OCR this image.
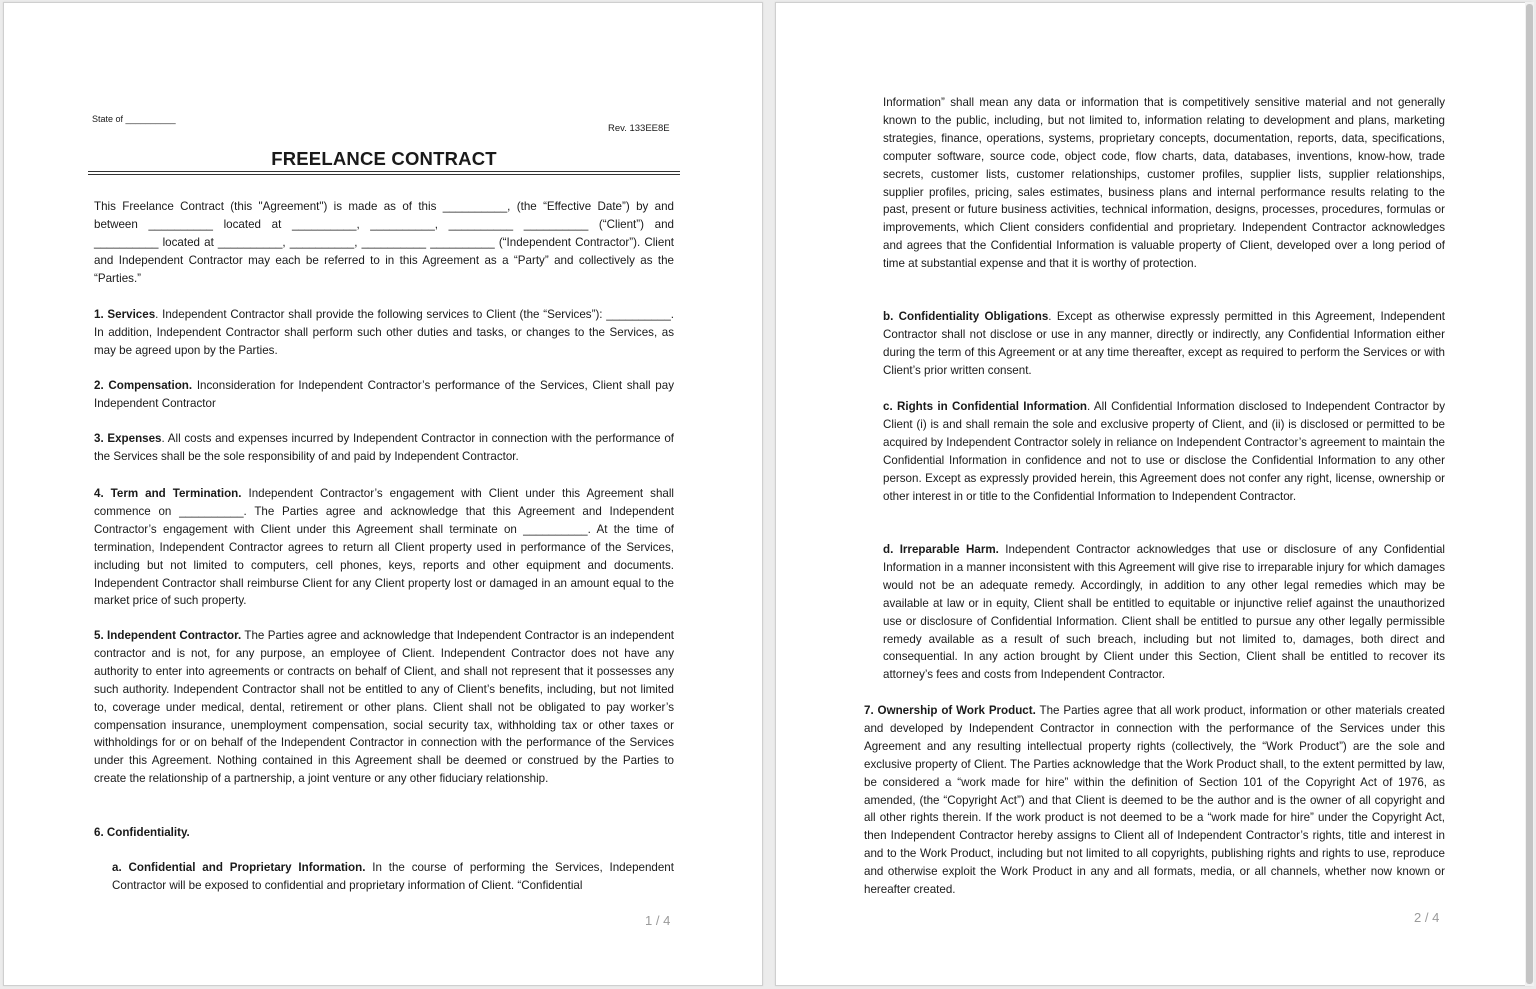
State of __________
Rev. 133EE8E
FREELANCE CONTRACT

This Freelance Contract (this "Agreement") is made as of this __________, (the “Effective Date”) by and between __________ located at __________, __________, __________ __________ (“Client”) and __________ located at __________, __________, __________ __________ (“Independent Contractor”). Client and Independent Contractor may each be referred to in this Agreement as a “Party” and collectively as the “Parties.”

1. Services. Independent Contractor shall provide the following services to Client (the “Services”): __________. In addition, Independent Contractor shall perform such other duties and tasks, or changes to the Services, as may be agreed upon by the Parties.

2. Compensation. Inconsideration for Independent Contractor’s performance of the Services, Client shall pay Independent Contractor

3. Expenses. All costs and expenses incurred by Independent Contractor in connection with the performance of the Services shall be the sole responsibility of and paid by Independent Contractor.

4. Term and Termination. Independent Contractor’s engagement with Client under this Agreement shall commence on __________. The Parties agree and acknowledge that this Agreement and Independent Contractor’s engagement with Client under this Agreement shall terminate on __________. At the time of termination, Independent Contractor agrees to return all Client property used in performance of the Services, including but not limited to computers, cell phones, keys, reports and other equipment and documents. Independent Contractor shall reimburse Client for any Client property lost or damaged in an amount equal to the market price of such property.

5. Independent Contractor. The Parties agree and acknowledge that Independent Contractor is an independent contractor and is not, for any purpose, an employee of Client. Independent Contractor does not have any authority to enter into agreements or contracts on behalf of Client, and shall not represent that it possesses any such authority. Independent Contractor shall not be entitled to any of Client’s benefits, including, but not limited to, coverage under medical, dental, retirement or other plans. Client shall not be obligated to pay worker’s compensation insurance, unemployment compensation, social security tax, withholding tax or other taxes or withholdings for or on behalf of the Independent Contractor in connection with the performance of the Services under this Agreement. Nothing contained in this Agreement shall be deemed or construed by the Parties to create the relationship of a partnership, a joint venture or any other fiduciary relationship.

6. Confidentiality.

a. Confidential and Proprietary Information. In the course of performing the Services, Independent Contractor will be exposed to confidential and proprietary information of Client. “Confidential

1 / 4

Information” shall mean any data or information that is competitively sensitive material and not generally known to the public, including, but not limited to, information relating to development and plans, marketing strategies, finance, operations, systems, proprietary concepts, documentation, reports, data, specifications, computer software, source code, object code, flow charts, data, databases, inventions, know-how, trade secrets, customer lists, customer relationships, customer profiles, supplier lists, supplier relationships, supplier profiles, pricing, sales estimates, business plans and internal performance results relating to the past, present or future business activities, technical information, designs, processes, procedures, formulas or improvements, which Client considers confidential and proprietary. Independent Contractor acknowledges and agrees that the Confidential Information is valuable property of Client, developed over a long period of time at substantial expense and that it is worthy of protection.

b. Confidentiality Obligations. Except as otherwise expressly permitted in this Agreement, Independent Contractor shall not disclose or use in any manner, directly or indirectly, any Confidential Information either during the term of this Agreement or at any time thereafter, except as required to perform the Services or with Client’s prior written consent.

c. Rights in Confidential Information. All Confidential Information disclosed to Independent Contractor by Client (i) is and shall remain the sole and exclusive property of Client, and (ii) is disclosed or permitted to be acquired by Independent Contractor solely in reliance on Independent Contractor’s agreement to maintain the Confidential Information in confidence and not to use or disclose the Confidential Information to any other person. Except as expressly provided herein, this Agreement does not confer any right, license, ownership or other interest in or title to the Confidential Information to Independent Contractor.

d. Irreparable Harm. Independent Contractor acknowledges that use or disclosure of any Confidential Information in a manner inconsistent with this Agreement will give rise to irreparable injury for which damages would not be an adequate remedy. Accordingly, in addition to any other legal remedies which may be available at law or in equity, Client shall be entitled to equitable or injunctive relief against the unauthorized use or disclosure of Confidential Information. Client shall be entitled to pursue any other legally permissible remedy available as a result of such breach, including but not limited to, damages, both direct and consequential. In any action brought by Client under this Section, Client shall be entitled to recover its attorney’s fees and costs from Independent Contractor.

7. Ownership of Work Product. The Parties agree that all work product, information or other materials created and developed by Independent Contractor in connection with the performance of the Services under this Agreement and any resulting intellectual property rights (collectively, the “Work Product”) are the sole and exclusive property of Client. The Parties acknowledge that the Work Product shall, to the extent permitted by law, be considered a “work made for hire” within the definition of Section 101 of the Copyright Act of 1976, as amended, (the “Copyright Act”) and that Client is deemed to be the author and is the owner of all copyright and all other rights therein. If the work product is not deemed to be a “work made for hire” under the Copyright Act, then Independent Contractor hereby assigns to Client all of Independent Contractor’s rights, title and interest in and to the Work Product, including but not limited to all copyrights, publishing rights and rights to use, reproduce and otherwise exploit the Work Product in any and all formats, media, or all channels, whether now known or hereafter created.

2 / 4
